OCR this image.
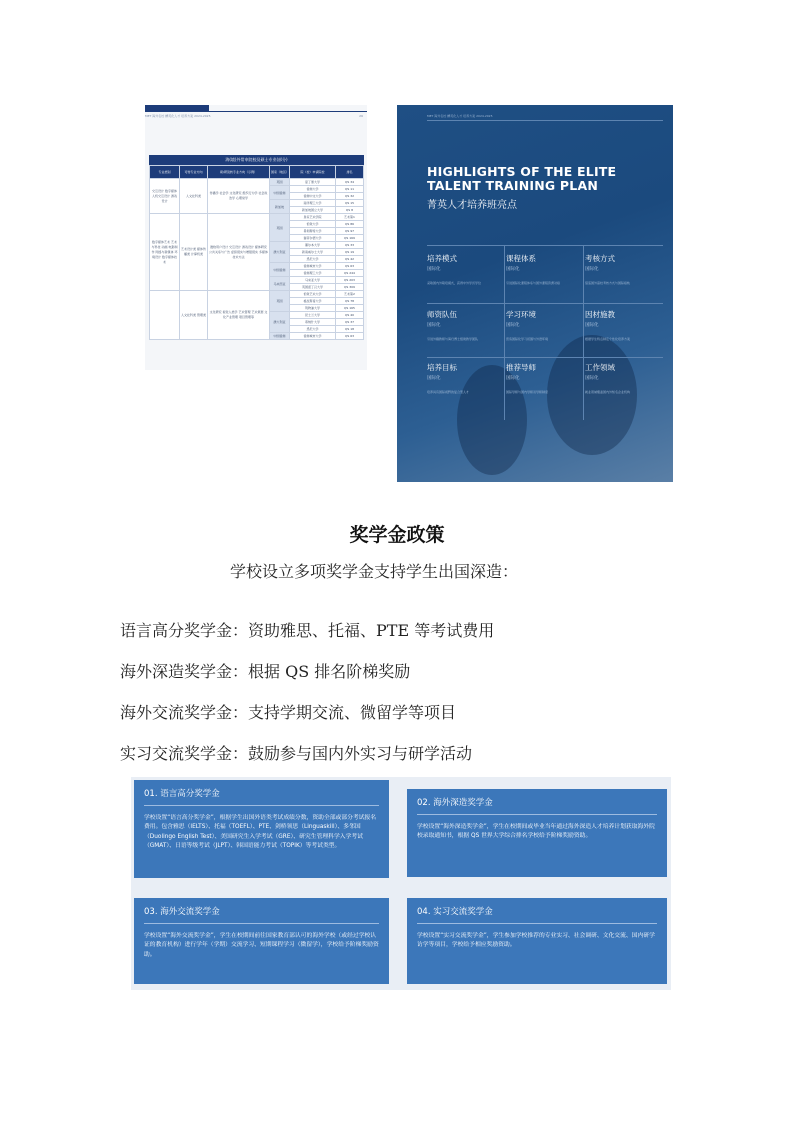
MET 海外名校 精英化人才 培养方案 2024-2025	26
海(境)外常申院校及硕士专业(部分)
专业类别	可转专业方向	硕/研读转专业方向（示例）	国家（地区）	院（校）申请院校	排名
交互设计 数字媒体 人机交互设计 游戏设计	人文社科类	传播学 社会学 文化研究 组织行为学 社会政治学 心理常学	英国	爱丁堡大学	QS 34
			中国香港	香港大学	QS 11
				香港中文大学	QS 32
			新加坡	南洋理工大学	QS 15
				新加坡国立大学	QS 8
数字媒体艺术 艺术与科技 动画 电影制作 网络与新媒体 环境设计 数字媒体技术	艺术设计类 媒体传播类 计算机类	微软用户设计 交互设计 游戏设计 媒体研究 公共关系与广告 虚拟现实与增强现实 多媒体技术方法	英国	皇家艺术学院	艺术第1
				伦敦大学	QS 86
				曼彻斯特大学	QS 97
				谢菲尔德大学	QS 169
			澳大利亚	墨尔本大学	QS 33
				新南威尔士大学	QS 19
				悉尼大学	QS 42
			中国香港	香港城市大学	QS 63
				香港理工大学	QS 244
			马来西亚	马来亚大学	QS 203
				英国诺丁汉大学	QS 309
	人文社科类 管理类	文化研究 视觉人类学 艺术管理 艺术策展 文化产业管理 项目管理等	英国	伦敦艺术大学	艺术第2
				格拉斯哥大学	QS 78
				利物浦大学	QS 165
			澳大利亚	昆士兰大学	QS 40
				莫纳什大学	QS 37
				悉尼大学	QS 18
			中国香港	香港城市大学	QS 63
MET 海外名校 精英化人才 培养方案 2024-2025
HIGHLIGHTS OF THE ELITE
TALENT TRAINING PLAN
菁英人才培养班亮点
培养模式
国际化
采取国内外联培模式，获得中外学历学位
课程体系
国际化
引进国际化课程体系与国外课程资源对接
考核方式
国际化
借鉴国外高校考核方式与国际接轨
师资队伍
国际化
引进外籍教师与海归博士组建教学团队
学习环境
国际化
营造国际化学习氛围与外语环境
因材施教
国际化
根据学生特点制定个性化培养方案
培养目标
国际化
培养具有国际视野的复合型人才
推荐导师
国际化
国际导师与国内导师双导师制度
工作领域
国际化
就业领域覆盖国内外知名企业机构
奖学金政策
学校设立多项奖学金支持学生出国深造：
语言高分奖学金：资助雅思、托福、PTE 等考试费用
海外深造奖学金：根据 QS 排名阶梯奖励
海外交流奖学金：支持学期交流、微留学等项目
实习交流奖学金：鼓励参与国内外实习与研学活动
01. 语言高分奖学金
学校设置“语言高分奖学金”，根据学生出国外语类考试成绩分数，资助全部或部分考试报名费用。包含雅思（IELTS）、托福（TOEFL）、PTE、剑桥领思（Linguaskill）、多邻国（Duolingo English Test）、美国研究生入学考试（GRE）、研究生管理科学入学考试（GMAT）、日语等级考试（JLPT）、韩国语能力考试（TOPIK）等考试类型。
02. 海外深造奖学金
学校设置“海外深造奖学金”，学生在校期间或毕业当年通过海外深造人才培养计划获取海外院校录取通知书，根据 QS 世界大学综合排名学校给予阶梯奖励资助。
03. 海外交流奖学金
学校设置“海外交流奖学金”，学生在校期间前往国家教育部认可的海外学校（或经过学校认证的教育机构）进行学年（学期）交流学习、短期课程学习（微留学），学校给予阶梯奖励资助。
04. 实习交流奖学金
学校设置“实习交流奖学金”，学生参加学校推荐的专业实习、社会调研、文化交流、国内研学访学等项目，学校给予相应奖励资助。
